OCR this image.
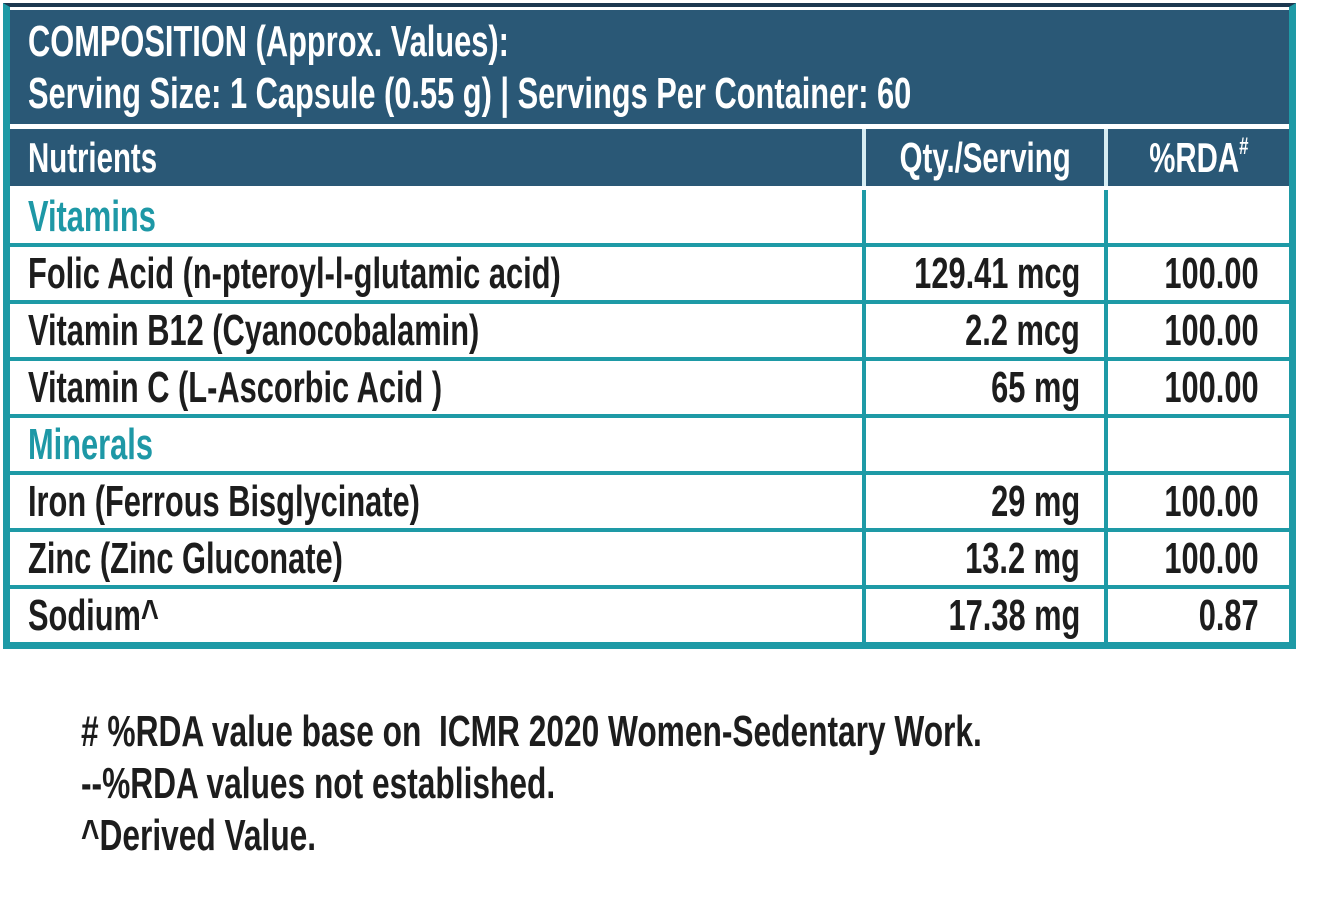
COMPOSITION (Approx. Values):
Serving Size: 1 Capsule (0.55 g) | Servings Per Container: 60
Nutrients	Qty./Serving %RDA#
Vitamins
Folic Acid (n-pteroyl-l-glutamic acid)	129.41 mcg 100.00
Vitamin B12 (Cyanocobalamin)	2.2 mcg 100.00
Vitamin C (L-Ascorbic Acid )	65 mg 100.00
Minerals
Iron (Ferrous Bisglycinate)	29 mg 100.00
Zinc (Zinc Gluconate)	13.2 mg 100.00
Sodium^	17.38 mg	0.87

# %RDA value base on  ICMR 2020 Women-Sedentary Work.

--%RDA values not established.

^Derived Value.
